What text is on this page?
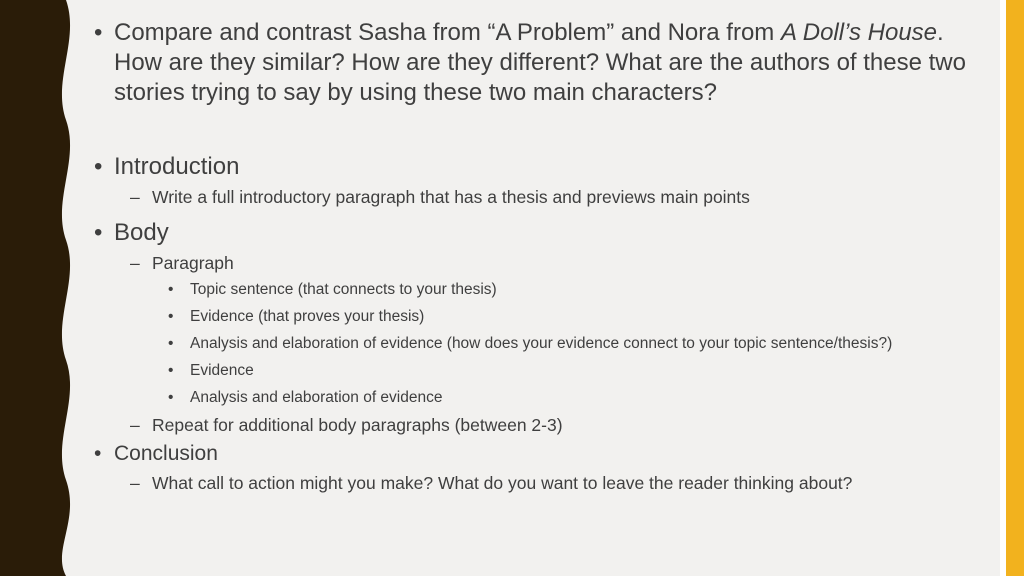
• Compare and contrast Sasha from “A Problem” and Nora from A Doll’s House. How are they similar? How are they different? What are the authors of these two stories trying to say by using these two main characters?
• Introduction
– Write a full introductory paragraph that has a thesis and previews main points
• Body
– Paragraph
•	Topic sentence (that connects to your thesis)
•	Evidence (that proves your thesis)
•	Analysis and elaboration of evidence (how does your evidence connect to your topic sentence/thesis?)
•	Evidence
•	Analysis and elaboration of evidence
– Repeat for additional body paragraphs (between 2-3)
• Conclusion
– What call to action might you make? What do you want to leave the reader thinking about?
